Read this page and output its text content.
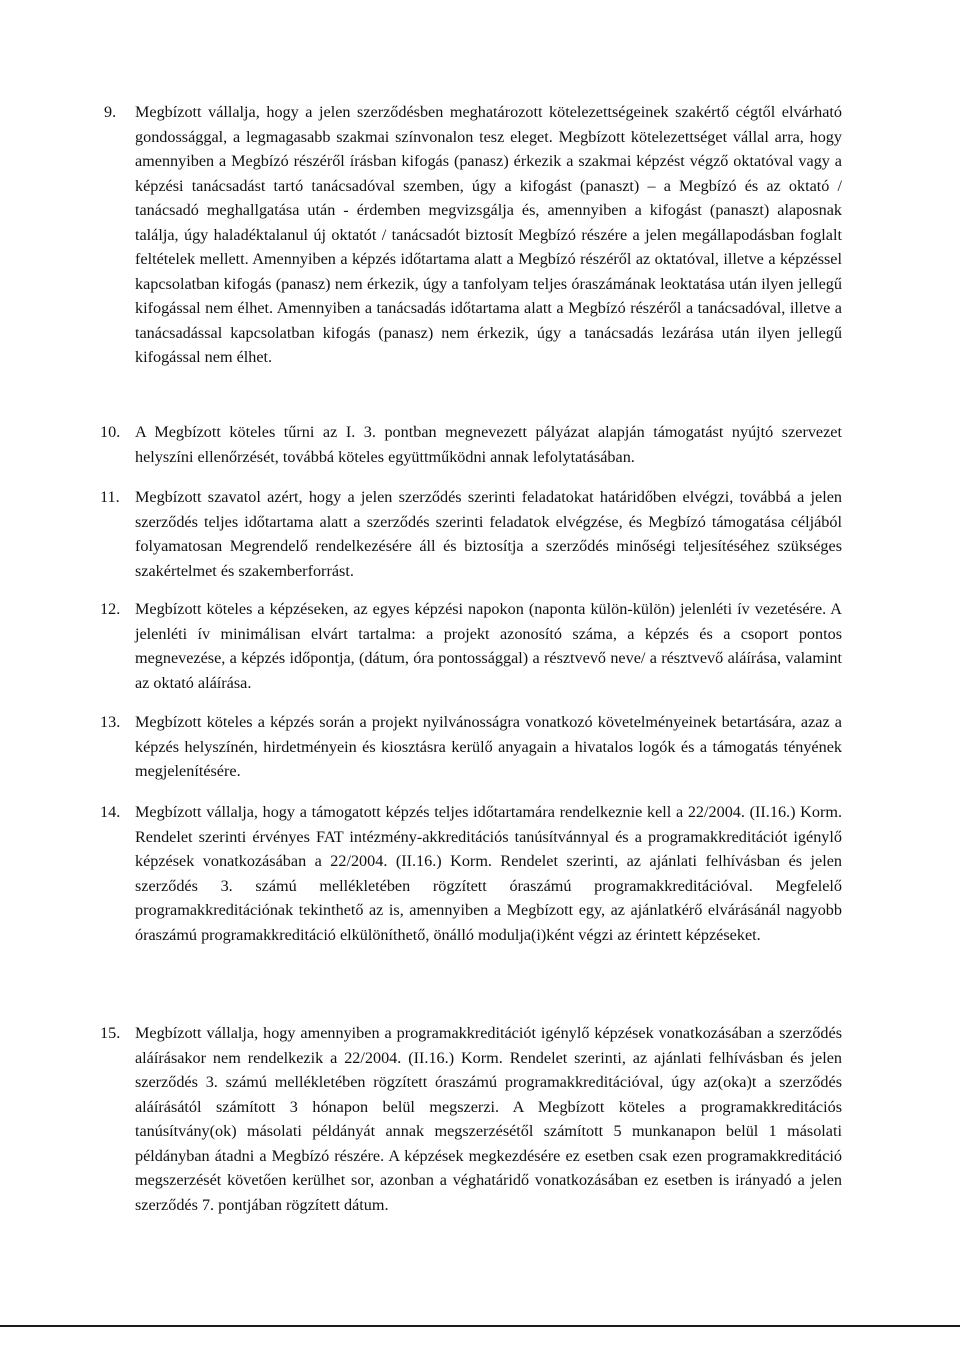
9. Megbízott vállalja, hogy a jelen szerződésben meghatározott kötelezettségeinek szakértő cégtől elvárható gondossággal, a legmagasabb szakmai színvonalon tesz eleget. Megbízott kötelezettséget vállal arra, hogy amennyiben a Megbízó részéről írásban kifogás (panasz) érkezik a szakmai képzést végző oktatóval vagy a képzési tanácsadást tartó tanácsadóval szemben, úgy a kifogást (panaszt) – a Megbízó és az oktató / tanácsadó meghallgatása után - érdemben megvizsgálja és, amennyiben a kifogást (panaszt) alaposnak találja, úgy haladéktalanul új oktatót / tanácsadót biztosít Megbízó részére a jelen megállapodásban foglalt feltételek mellett. Amennyiben a képzés időtartama alatt a Megbízó részéről az oktatóval, illetve a képzéssel kapcsolatban kifogás (panasz) nem érkezik, úgy a tanfolyam teljes óraszámának leoktatása után ilyen jellegű kifogással nem élhet. Amennyiben a tanácsadás időtartama alatt a Megbízó részéről a tanácsadóval, illetve a tanácsadással kapcsolatban kifogás (panasz) nem érkezik, úgy a tanácsadás lezárása után ilyen jellegű kifogással nem élhet.
10. A Megbízott köteles tűrni az I. 3. pontban megnevezett pályázat alapján támogatást nyújtó szervezet helyszíni ellenőrzését, továbbá köteles együttműködni annak lefolytatásában.
11. Megbízott szavatol azért, hogy a jelen szerződés szerinti feladatokat határidőben elvégzi, továbbá a jelen szerződés teljes időtartama alatt a szerződés szerinti feladatok elvégzése, és Megbízó támogatása céljából folyamatosan Megrendelő rendelkezésére áll és biztosítja a szerződés minőségi teljesítéséhez szükséges szakértelmet és szakemberforrást.
12. Megbízott köteles a képzéseken, az egyes képzési napokon (naponta külön-külön) jelenléti ív vezetésére. A jelenléti ív minimálisan elvárt tartalma: a projekt azonosító száma, a képzés és a csoport pontos megnevezése, a képzés időpontja, (dátum, óra pontossággal) a résztvevő neve/ a résztvevő aláírása, valamint az oktató aláírása.
13. Megbízott köteles a képzés során a projekt nyilvánosságra vonatkozó követelményeinek betartására, azaz a képzés helyszínén, hirdetményein és kiosztásra kerülő anyagain a hivatalos logók és a támogatás tényének megjelenítésére.
14. Megbízott vállalja, hogy a támogatott képzés teljes időtartamára rendelkeznie kell a 22/2004. (II.16.) Korm. Rendelet szerinti érvényes FAT intézmény-akkreditációs tanúsítvánnyal és a programakkreditációt igénylő képzések vonatkozásában a 22/2004. (II.16.) Korm. Rendelet szerinti, az ajánlati felhívásban és jelen szerződés 3. számú mellékletében rögzített óraszámú programakkreditációval. Megfelelő programakkreditációnak tekinthető az is, amennyiben a Megbízott egy, az ajánlatkérő elvárásánál nagyobb óraszámú programakkreditáció elkülöníthető, önálló modulja(i)ként végzi az érintett képzéseket.
15. Megbízott vállalja, hogy amennyiben a programakkreditációt igénylő képzések vonatkozásában a szerződés aláírásakor nem rendelkezik a 22/2004. (II.16.) Korm. Rendelet szerinti, az ajánlati felhívásban és jelen szerződés 3. számú mellékletében rögzített óraszámú programakkreditációval, úgy az(oka)t a szerződés aláírásától számított 3 hónapon belül megszerzi. A Megbízott köteles a programakkreditációs tanúsítvány(ok) másolati példányát annak megszerzésétől számított 5 munkanapon belül 1 másolati példányban átadni a Megbízó részére. A képzések megkezdésére ez esetben csak ezen programakkreditáció megszerzését követően kerülhet sor, azonban a véghatáridő vonatkozásában ez esetben is irányadó a jelen szerződés 7. pontjában rögzített dátum.
